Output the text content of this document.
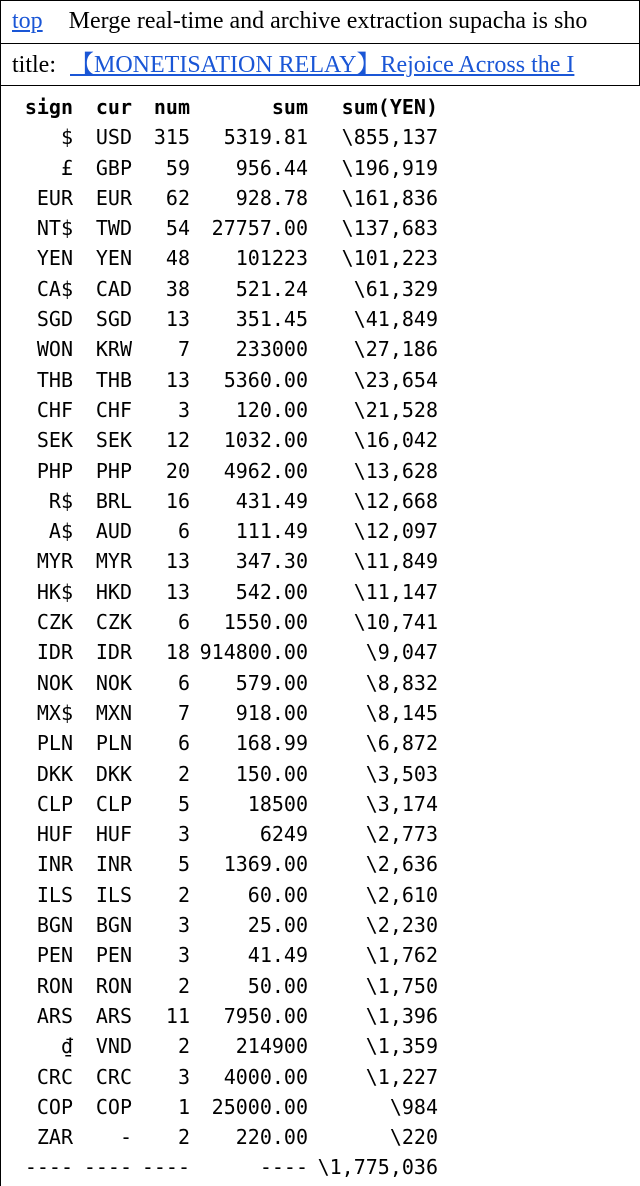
top Merge real-time and archive extraction supacha is sho
title: 【MONETISATION RELAY】Rejoice Across the I
sign	cur	num	sum	sum(YEN)
$	USD	315	5319.81	\855,137
£	GBP	59	956.44	\196,919
EUR	EUR	62	928.78	\161,836
NT$	TWD	54	27757.00	\137,683
YEN	YEN	48	101223	\101,223
CA$	CAD	38	521.24	\61,329
SGD	SGD	13	351.45	\41,849
WON	KRW	7	233000	\27,186
THB	THB	13	5360.00	\23,654
CHF	CHF	3	120.00	\21,528
SEK	SEK	12	1032.00	\16,042
PHP	PHP	20	4962.00	\13,628
R$	BRL	16	431.49	\12,668
A$	AUD	6	111.49	\12,097
MYR	MYR	13	347.30	\11,849
HK$	HKD	13	542.00	\11,147
CZK	CZK	6	1550.00	\10,741
IDR	IDR	18	914800.00	\9,047
NOK	NOK	6	579.00	\8,832
MX$	MXN	7	918.00	\8,145
PLN	PLN	6	168.99	\6,872
DKK	DKK	2	150.00	\3,503
CLP	CLP	5	18500	\3,174
HUF	HUF	3	6249	\2,773
INR	INR	5	1369.00	\2,636
ILS	ILS	2	60.00	\2,610
BGN	BGN	3	25.00	\2,230
PEN	PEN	3	41.49	\1,762
RON	RON	2	50.00	\1,750
ARS	ARS	11	7950.00	\1,396
₫	VND	2	214900	\1,359
CRC	CRC	3	4000.00	\1,227
COP	COP	1	25000.00	\984
ZAR	-	2	220.00	\220
----	----	----	----	\1,775,036
